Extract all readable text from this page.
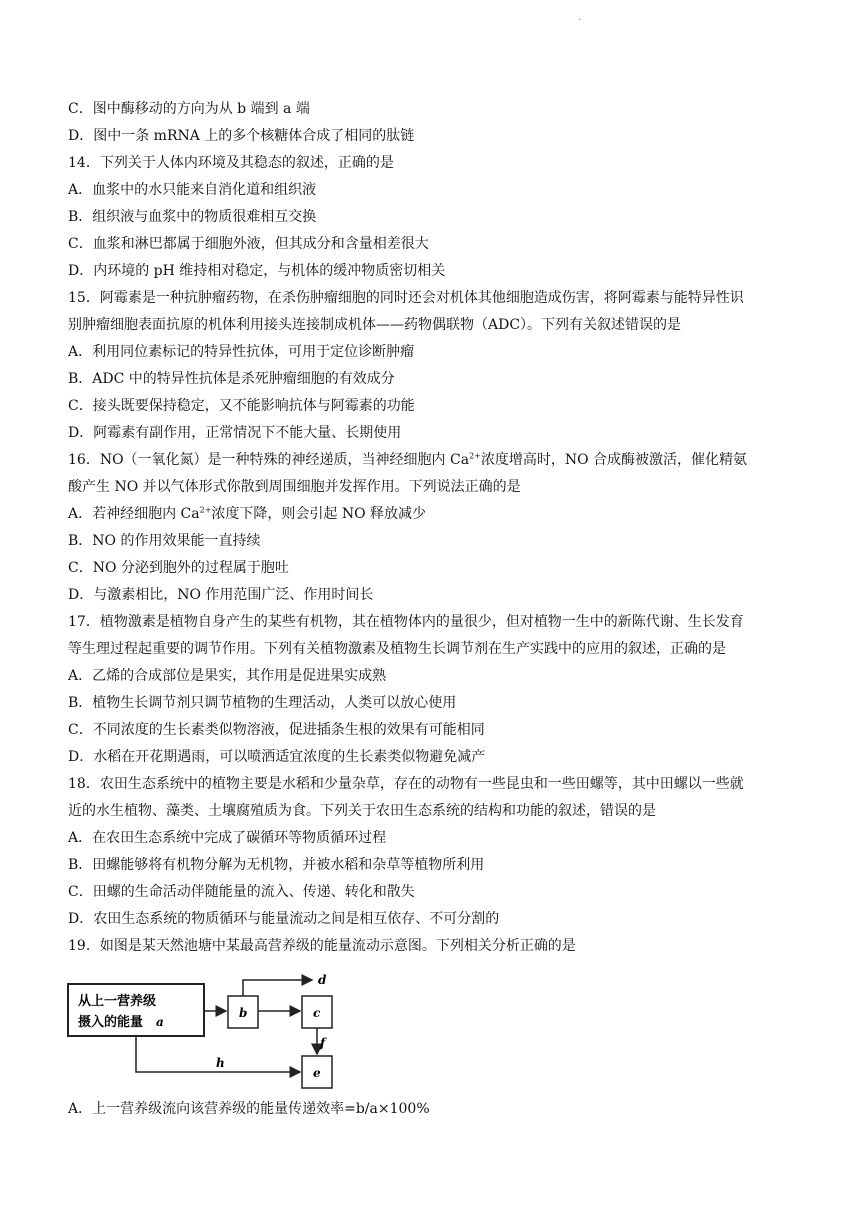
.
C．图中酶移动的方向为从 b 端到 a 端
D．图中一条 mRNA 上的多个核糖体合成了相同的肽链
14．下列关于人体内环境及其稳态的叙述，正确的是
A．血浆中的水只能来自消化道和组织液
B．组织液与血浆中的物质很难相互交换
C．血浆和淋巴都属于细胞外液，但其成分和含量相差很大
D．内环境的 pH 维持相对稳定，与机体的缓冲物质密切相关
15．阿霉素是一种抗肿瘤药物，在杀伤肿瘤细胞的同时还会对机体其他细胞造成伤害，将阿霉素与能特异性识
别肿瘤细胞表面抗原的机体利用接头连接制成机体——药物偶联物（ADC）。下列有关叙述错误的是
A．利用同位素标记的特异性抗体，可用于定位诊断肿瘤
B．ADC 中的特异性抗体是杀死肿瘤细胞的有效成分
C．接头既要保持稳定，又不能影响抗体与阿霉素的功能
D．阿霉素有副作用，正常情况下不能大量、长期使用
16．NO（一氧化氮）是一种特殊的神经递质，当神经细胞内 $Ca^{2+}$浓度增高时，NO 合成酶被激活，催化精氨
酸产生 NO 并以气体形式你散到周围细胞并发挥作用。下列说法正确的是
A．若神经细胞内 $Ca^{2+}$浓度下降，则会引起 NO 释放减少
B．NO 的作用效果能一直持续
C．NO 分泌到胞外的过程属于胞吐
D．与激素相比，NO 作用范围广泛、作用时间长
17．植物激素是植物自身产生的某些有机物，其在植物体内的量很少，但对植物一生中的新陈代谢、生长发育
等生理过程起重要的调节作用。下列有关植物激素及植物生长调节剂在生产实践中的应用的叙述，正确的是
A．乙烯的合成部位是果实，其作用是促进果实成熟
B．植物生长调节剂只调节植物的生理活动，人类可以放心使用
C．不同浓度的生长素类似物溶液，促进插条生根的效果有可能相同
D．水稻在开花期遇雨，可以喷洒适宜浓度的生长素类似物避免减产
18．农田生态系统中的植物主要是水稻和少量杂草，存在的动物有一些昆虫和一些田螺等，其中田螺以一些就
近的水生植物、藻类、土壤腐殖质为食。下列关于农田生态系统的结构和功能的叙述，错误的是
A．在农田生态系统中完成了碳循环等物质循环过程
B．田螺能够将有机物分解为无机物，并被水稻和杂草等植物所利用
C．田螺的生命活动伴随能量的流入、传递、转化和散失
D．农田生态系统的物质循环与能量流动之间是相互依存、不可分割的
19．如图是某天然池塘中某最高营养级的能量流动示意图。下列相关分析正确的是
从上一营养级
摄入的能量 a
b	c
e
d
f
h
A．上一营养级流向该营养级的能量传递效率=b/a×100%
